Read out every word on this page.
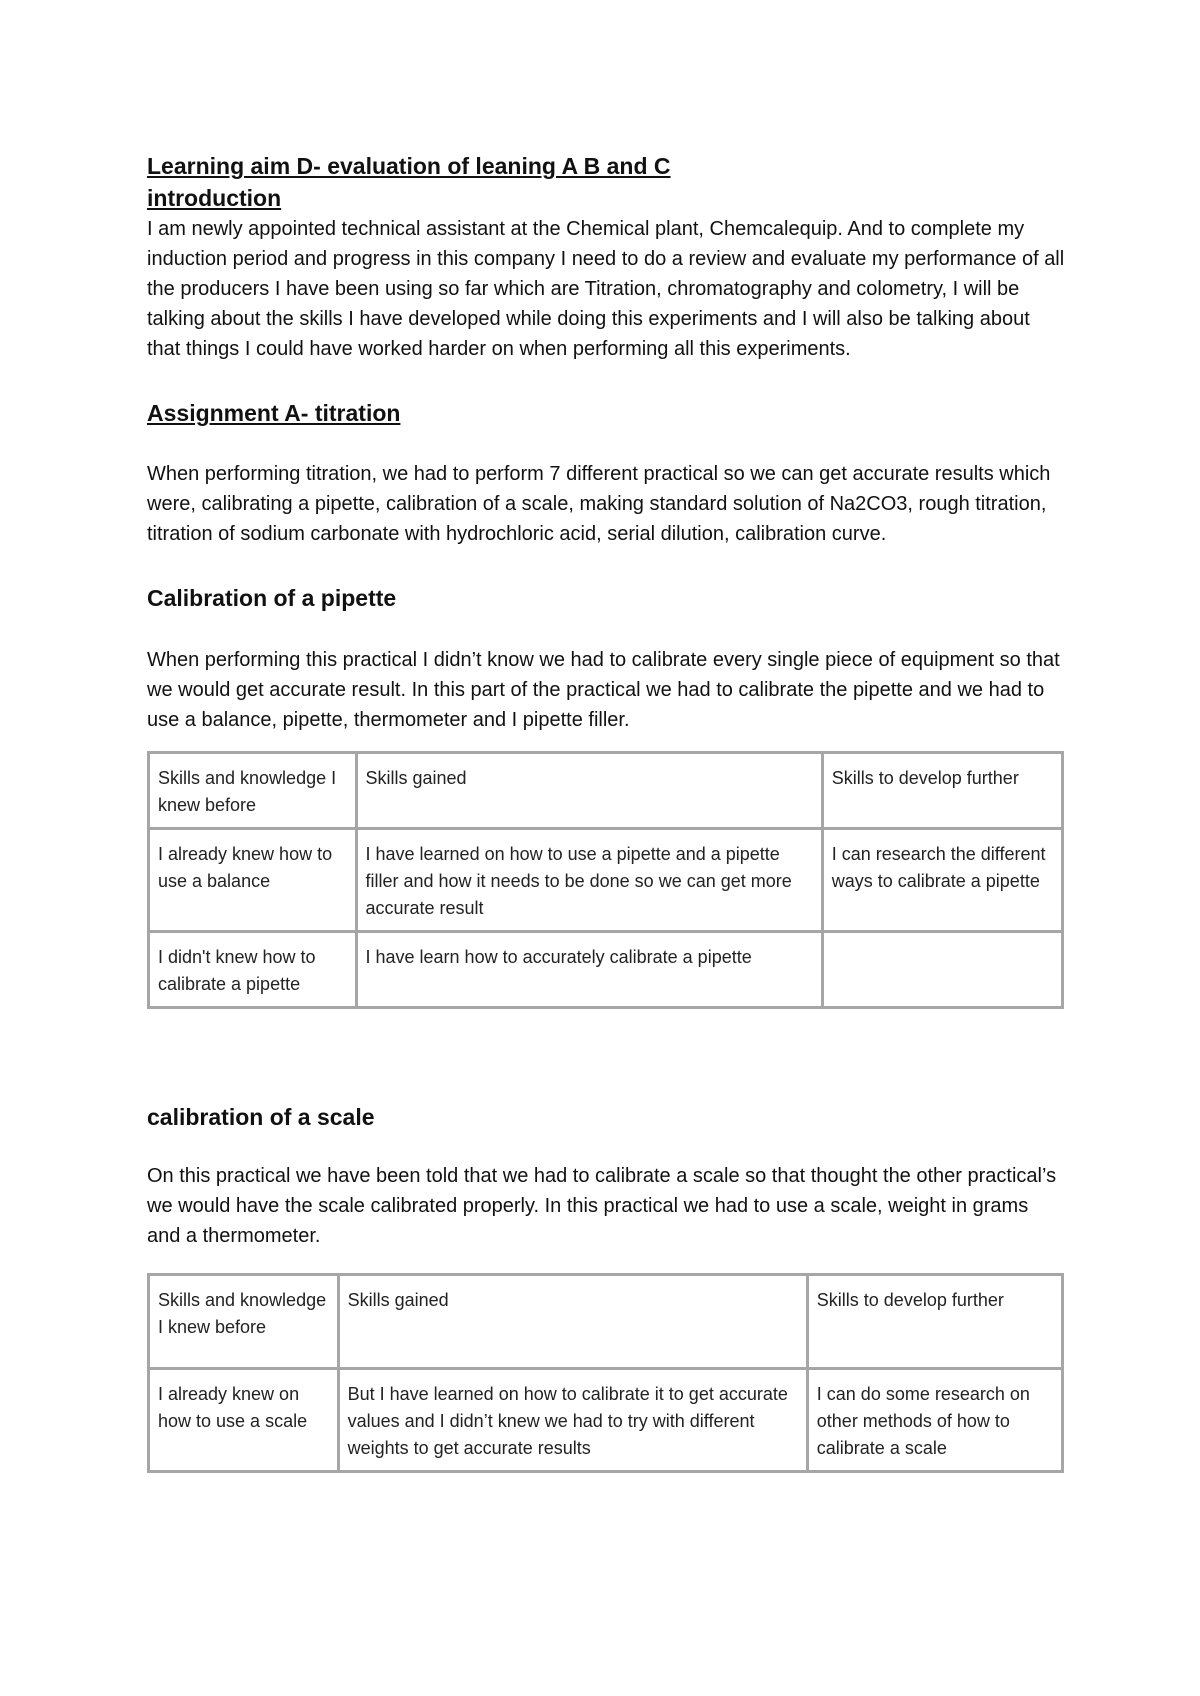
Learning aim D- evaluation of leaning A B and C
introduction

I am newly appointed technical assistant at the Chemical plant, Chemcalequip. And to complete my induction period and progress in this company I need to do a review and evaluate my performance of all the producers I have been using so far which are Titration, chromatography and colometry, I will be talking about the skills I have developed while doing this experiments and I will also be talking about that things I could have worked harder on when performing all this experiments.

Assignment A- titration

When performing titration, we had to perform 7 different practical so we can get accurate results which were, calibrating a pipette, calibration of a scale, making standard solution of Na2CO3, rough titration, titration of sodium carbonate with hydrochloric acid, serial dilution, calibration curve.

Calibration of a pipette

When performing this practical I didn’t know we had to calibrate every single piece of equipment so that we would get accurate result. In this part of the practical we had to calibrate the pipette and we had to use a balance, pipette, thermometer and I pipette filler.

Skills and knowledge I knew before	Skills gained	Skills to develop further
I already knew how to use a balance	I have learned on how to use a pipette and a pipette filler and how it needs to be done so we can get more accurate result	I can research the different ways to calibrate a pipette
I didn't knew how to calibrate a pipette	I have learn how to accurately calibrate a pipette	
calibration of a scale

On this practical we have been told that we had to calibrate a scale so that thought the other practical’s we would have the scale calibrated properly. In this practical we had to use a scale, weight in grams and a thermometer.

Skills and knowledge I knew before	Skills gained	Skills to develop further
I already knew on how to use a scale	But I have learned on how to calibrate it to get accurate values and I didn’t knew we had to try with different weights to get accurate results	I can do some research on other methods of how to calibrate a scale
